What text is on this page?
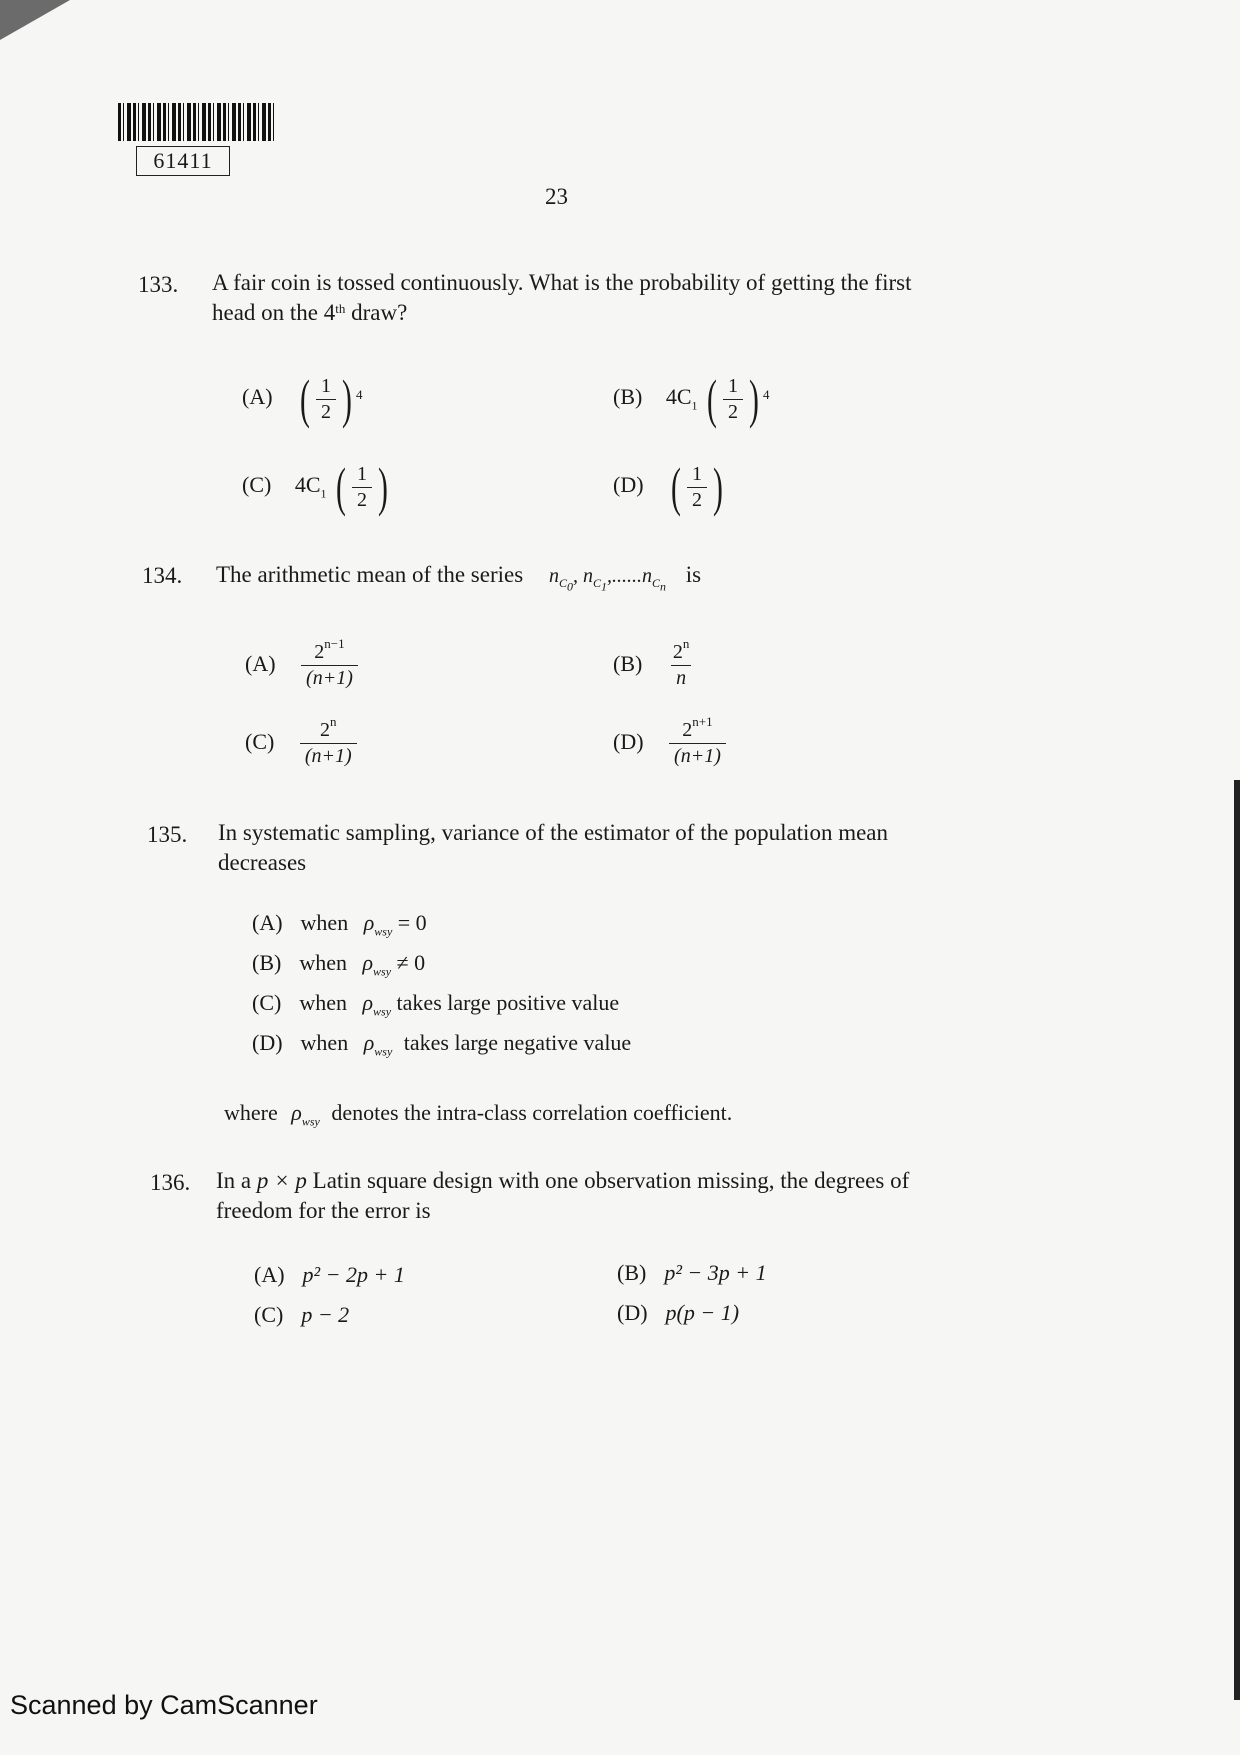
61411
23
133. A fair coin is tossed continuously. What is the probability of getting the first
head on the 4th draw?
(A) ( $\frac{1}{2}$ ) $^4$	(B) $4C_1$ ( $\frac{1}{2}$ ) $^4$
(C) $4C_1$ ( $\frac{1}{2}$ )	(D) ( $\frac{1}{2}$ )
134. The arithmetic mean of the series $n_{C_0}$, $n_{C_1},......n_{C_n}$ is
$(A) \frac{2^{n-1}}{(n+1)}$	$(B) \frac{2^n}{n}$
$(C) \frac{2^n}{(n+1)}$	$(D) \frac{2^{n+1}}{(n+1)}$
135. In systematic sampling, variance of the estimator of the population mean
decreases
(A) when $\rho_{wsy} = 0$
(B) when $\rho_{wsy} \ne 0$
(C) when $\rho_{wsy}$ takes large positive value
(D) when $\rho_{wsy}$ takes large negative value
where $\rho_{wsy}$ denotes the intra-class correlation coefficient.
136. In a p × p Latin square design with one observation missing, the degrees of
freedom for the error is
(A) p² − 2p + 1	(B) p² − 3p + 1
(C) p − 2	(D) p(p − 1)
Scanned by CamScanner
